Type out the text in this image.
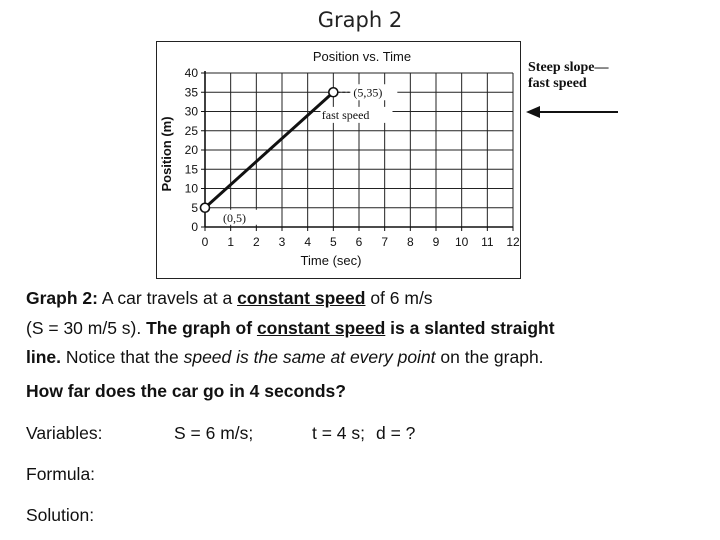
Graph 2
Position vs. Time
0 1 2 3 4 5 6 7 8 9 10 11 12
0
5
10
15
20
25
30
35
40
Time (sec)
Position (m)
(0,5)
(5,35)
fast speed
Steep slope—
fast speed
Graph 2: A car travels at a constant speed of 6 m/s
(S = 30 m/5 s). The graph of constant speed is a slanted straight
line. Notice that the speed is the same at every point on the graph.
How far does the car go in 4 seconds?
Variables:	S = 6 m/s;	t = 4 s; d = ?
Formula:
Solution:
